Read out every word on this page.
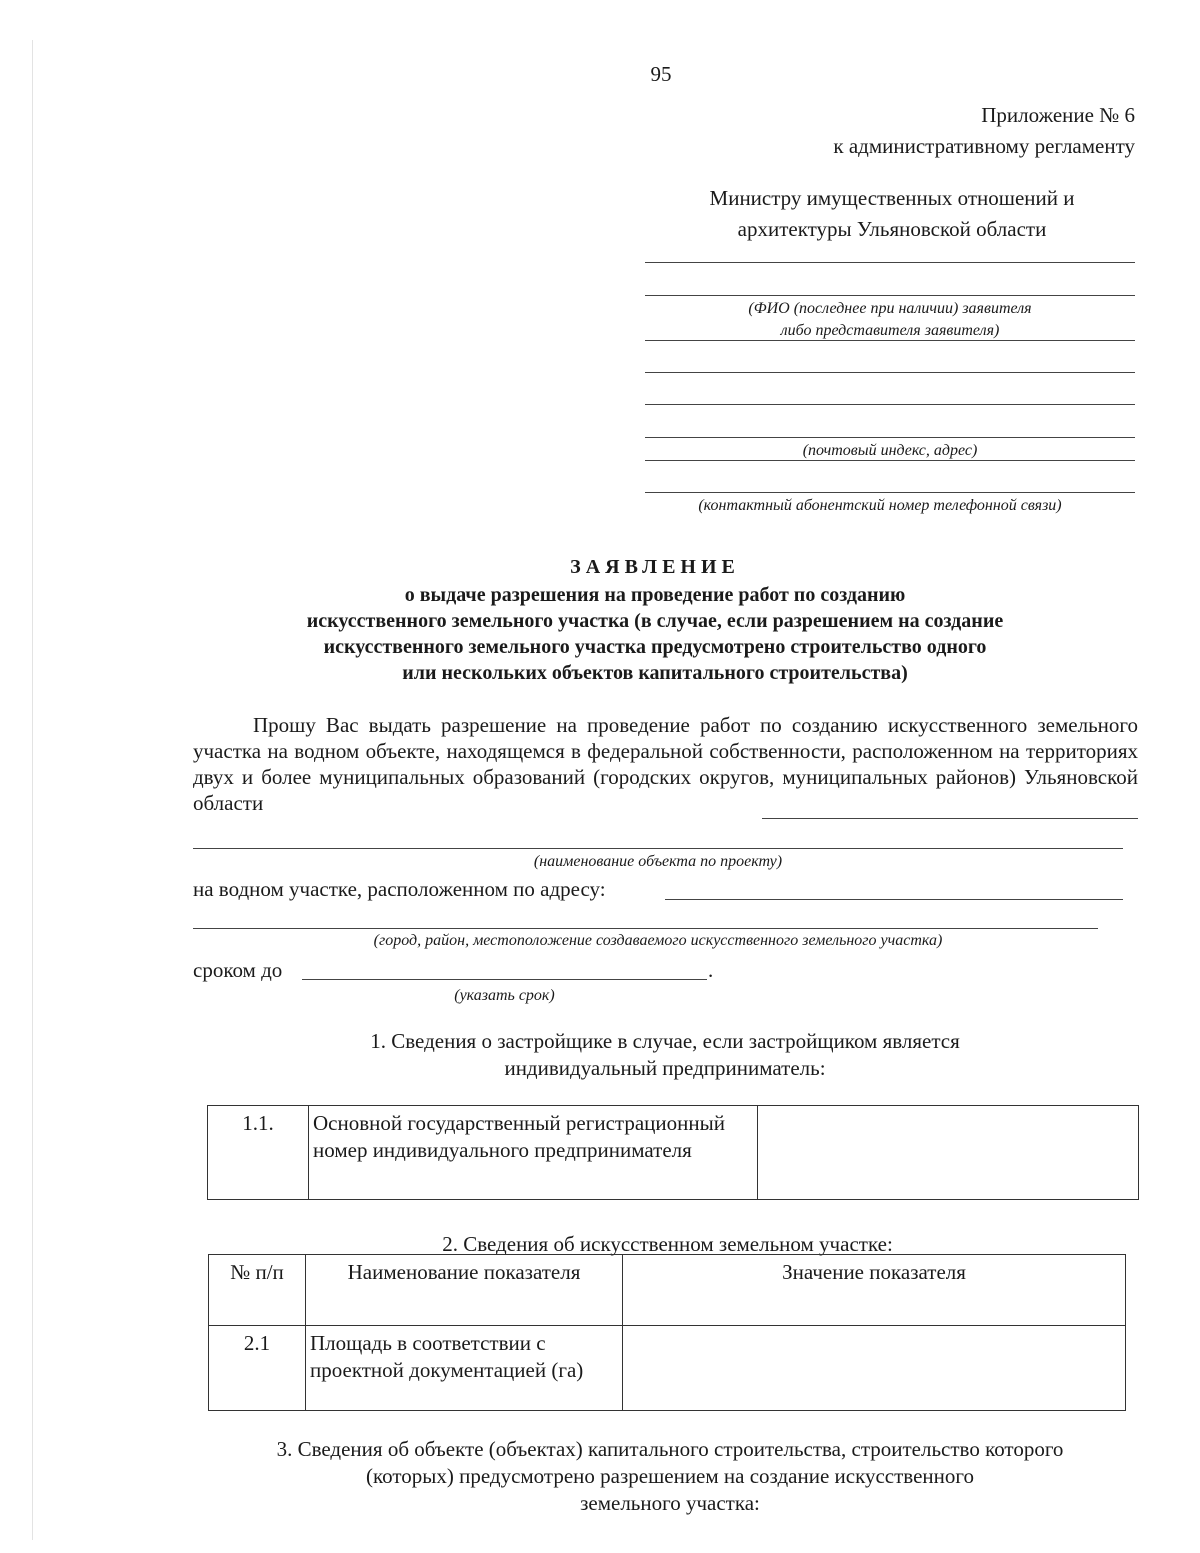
95
Приложение № 6
к административному регламенту
Министру имущественных отношений и
архитектуры Ульяновской области
(ФИО (последнее при наличии) заявителя
либо представителя заявителя)
(почтовый индекс, адрес)
(контактный абонентский номер телефонной связи)
ЗАЯВЛЕНИЕ
о выдаче разрешения на проведение работ по созданию
искусственного земельного участка (в случае, если разрешением на создание
искусственного земельного участка предусмотрено строительство одного
или нескольких объектов капитального строительства)
Прошу Вас выдать разрешение на проведение работ по созданию искусственного земельного участка на водном объекте, находящемся в федеральной собственности, расположенном на территориях двух и более муниципальных образований (городских округов, муниципальных районов) Ульяновской области
(наименование объекта по проекту)
на водном участке, расположенном по адресу:
(город, район, местоположение создаваемого искусственного земельного участка)
сроком до	.
(указать срок)
1. Сведения о застройщике в случае, если застройщиком является
индивидуальный предприниматель:
1.1.	Основной государственный регистрационный номер индивидуального предпринимателя	
2. Сведения об искусственном земельном участке:
№ п/п	Наименование показателя	Значение показателя
2.1	Площадь в соответствии с проектной документацией (га)	
3. Сведения об объекте (объектах) капитального строительства, строительство которого
(которых) предусмотрено разрешением на создание искусственного
земельного участка:
